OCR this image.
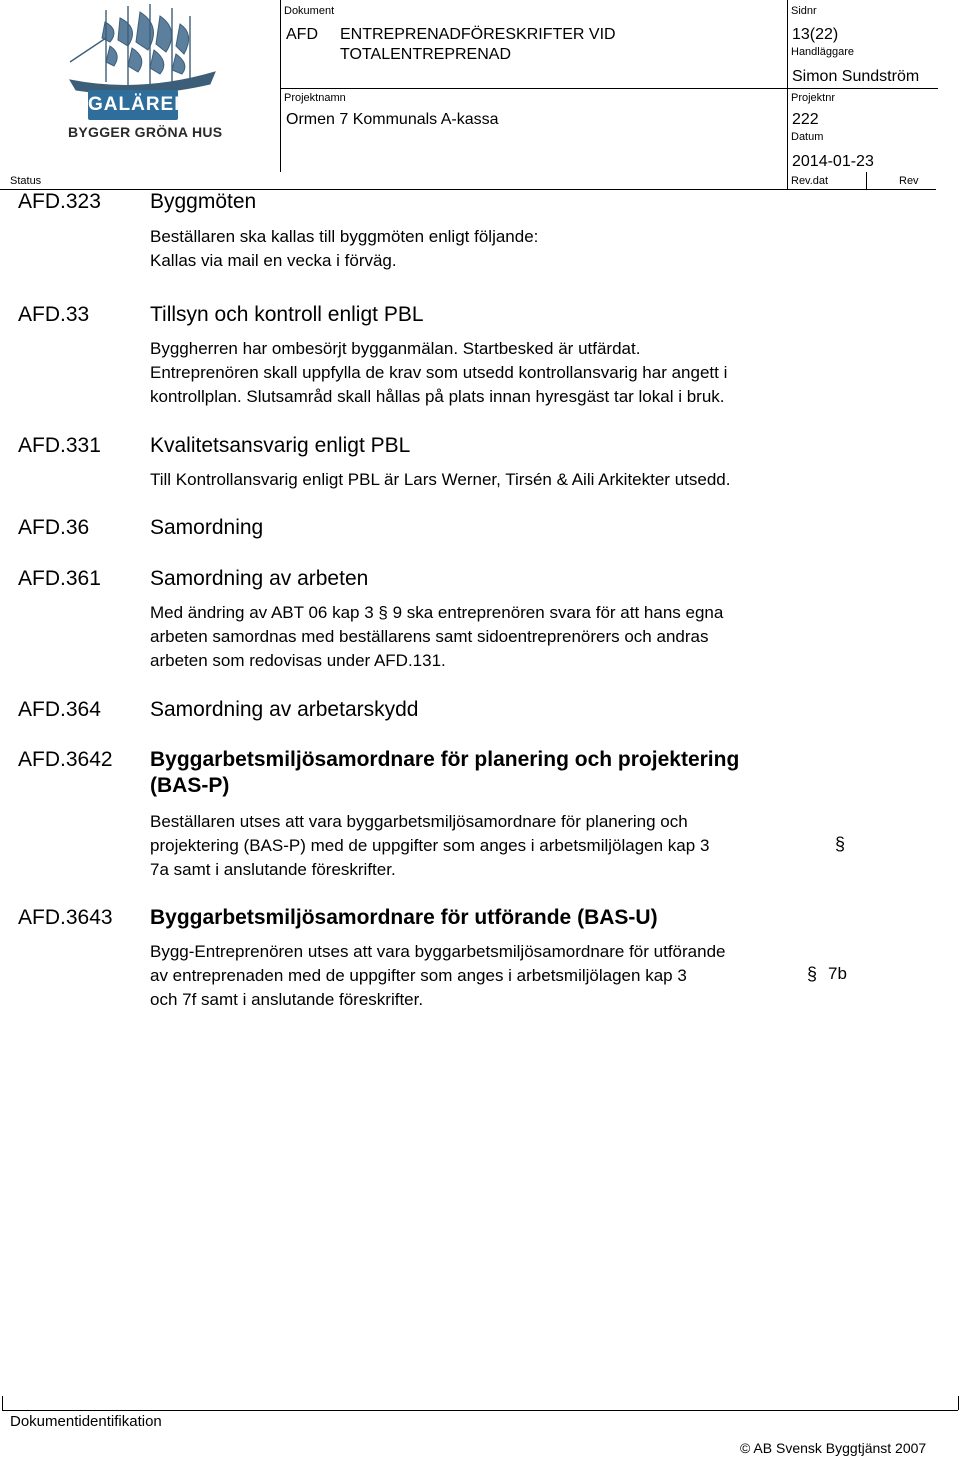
GALÄREN
BYGGER GRÖNA HUS
Dokument
AFD ENTREPRENADFÖRESKRIFTER VID
TOTALENTREPRENAD
Sidnr
13(22)
Handläggare
Simon Sundström
Projektnamn
Ormen 7 Kommunals A-kassa
Projektnr
222
Datum
2014-01-23
Status	Rev.dat	Rev
AFD.323 Byggmöten
Beställaren ska kallas till byggmöten enligt följande:
Kallas via mail en vecka i förväg.
AFD.33	Tillsyn och kontroll enligt PBL
Byggherren har ombesörjt bygganmälan. Startbesked är utfärdat.
Entreprenören skall uppfylla de krav som utsedd kontrollansvarig har angett i
kontrollplan. Slutsamråd skall hållas på plats innan hyresgäst tar lokal i bruk.
AFD.331 Kvalitetsansvarig enligt PBL
Till Kontrollansvarig enligt PBL är Lars Werner, Tirsén & Aili Arkitekter utsedd.
AFD.36	Samordning
AFD.361 Samordning av arbeten
Med ändring av ABT 06 kap 3 § 9 ska entreprenören svara för att hans egna
arbeten samordnas med beställarens samt sidoentreprenörers och andras
arbeten som redovisas under AFD.131.
AFD.364 Samordning av arbetarskydd
AFD.3642 Byggarbetsmiljösamordnare för planering och projektering
(BAS-P)
Beställaren utses att vara byggarbetsmiljösamordnare för planering och
projektering (BAS-P) med de uppgifter som anges i arbetsmiljölagen kap 3
7a samt i anslutande föreskrifter.
§
AFD.3643 Byggarbetsmiljösamordnare för utförande (BAS-U)
Bygg-Entreprenören utses att vara byggarbetsmiljösamordnare för utförande
av entreprenaden med de uppgifter som anges i arbetsmiljölagen kap 3
och 7f samt i anslutande föreskrifter.
§ 7b
Dokumentidentifikation
© AB Svensk Byggtjänst 2007
